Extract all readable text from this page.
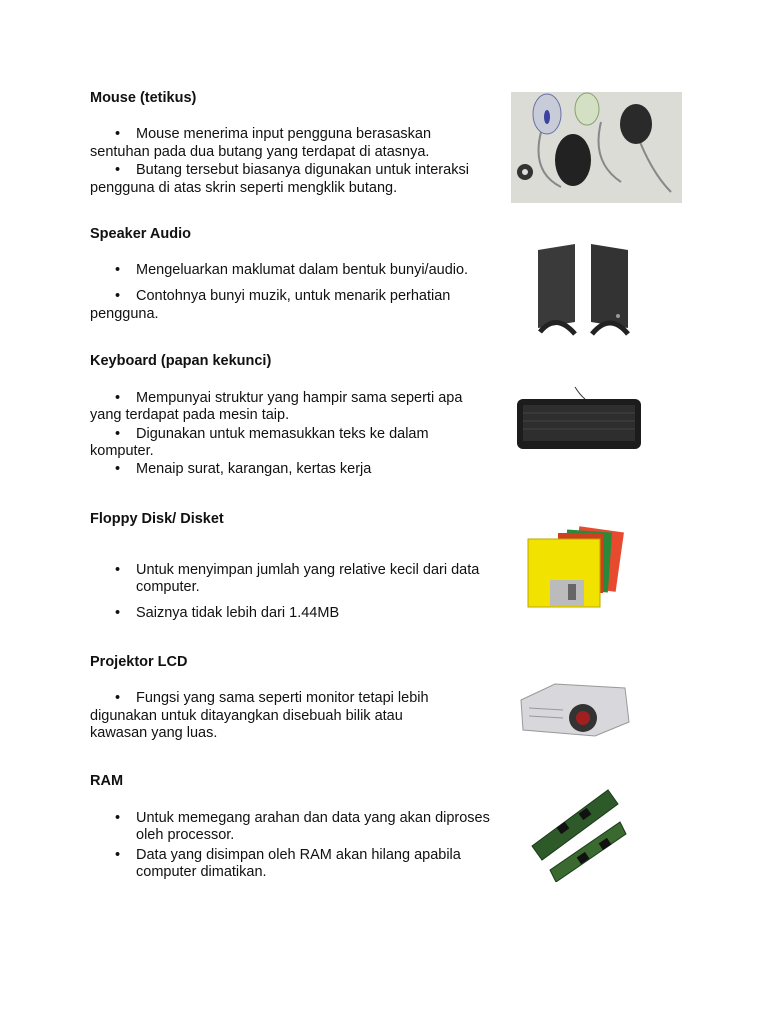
Mouse (tetikus)
• Mouse menerima input pengguna berasaskan
sentuhan pada dua butang yang terdapat di atasnya.
• Butang tersebut biasanya digunakan untuk interaksi
pengguna di atas skrin seperti mengklik butang.
Speaker Audio
• Mengeluarkan maklumat dalam bentuk bunyi/audio.
• Contohnya bunyi muzik, untuk menarik perhatian
pengguna.
Keyboard (papan kekunci)
• Mempunyai struktur yang hampir sama seperti apa
yang terdapat pada mesin taip.
• Digunakan untuk memasukkan teks ke dalam
komputer.
• Menaip surat, karangan, kertas kerja
Floppy Disk/ Disket
• Untuk menyimpan jumlah yang relative kecil dari data
computer.
• Saiznya tidak lebih dari 1.44MB
Projektor LCD
• Fungsi yang sama seperti monitor tetapi lebih
digunakan untuk ditayangkan disebuah bilik atau
kawasan yang luas.
RAM
• Untuk memegang arahan dan data yang akan diproses
oleh processor.
• Data yang disimpan oleh RAM akan hilang apabila
computer dimatikan.
